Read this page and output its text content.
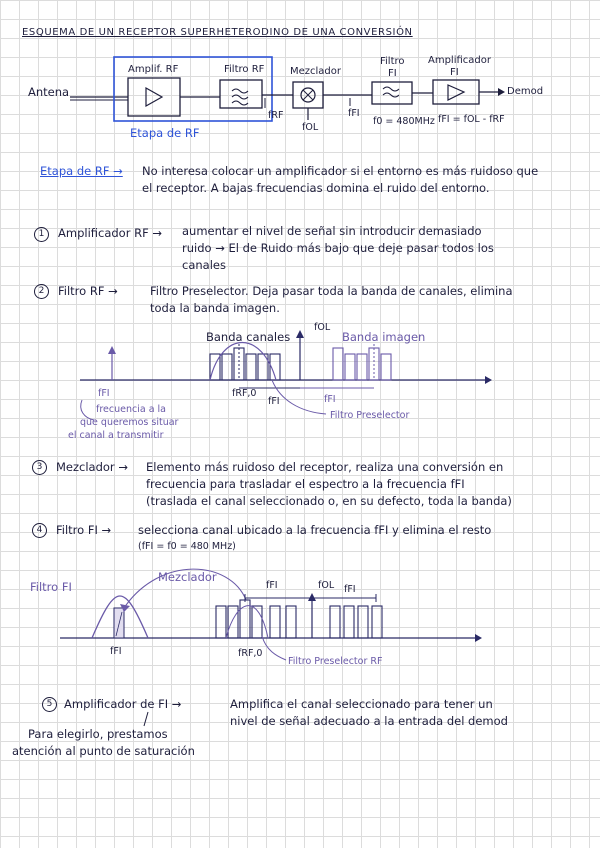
ESQUEMA DE UN RECEPTOR SUPERHETERODINO DE UNA CONVERSIÓN
Antena
Amplif. RF	Filtro RF	Mezclador
Filtro
FI
Amplificador
FI
Demod
fRF
fOL
fFI
f0 = 480MHz fFI = fOL - fRF
Etapa de RF
Etapa de RF → No interesa colocar un amplificador si el entorno es más ruidoso que
el receptor. A bajas frecuencias domina el ruido del entorno.
1	Amplificador RF → aumentar el nivel de señal sin introducir demasiado
ruido → El de Ruido más bajo que deje pasar todos los
canales
2	Filtro RF →	Filtro Preselector. Deja pasar toda la banda de canales, elimina
toda la banda imagen.
Banda canales	Banda imagen
fOL
fFI	fRF,0
fFI	fFI
Filtro Preselector
frecuencia a la
que queremos situar
el canal a transmitir
3	Mezclador → Elemento más ruidoso del receptor, realiza una conversión en
frecuencia para trasladar el espectro a la frecuencia fFI
(traslada el canal seleccionado o, en su defecto, toda la banda)
4	Filtro FI → selecciona canal ubicado a la frecuencia fFI y elimina el resto
(fFI = f0 = 480 MHz)
Filtro FI
Mezclador
fFI	fOL fFI
fFI	fRF,0
Filtro Preselector RF
5	Amplificador de FI →	Amplifica el canal seleccionado para tener un
nivel de señal adecuado a la entrada del demod
Para elegirlo, prestamos
atención al punto de saturación
